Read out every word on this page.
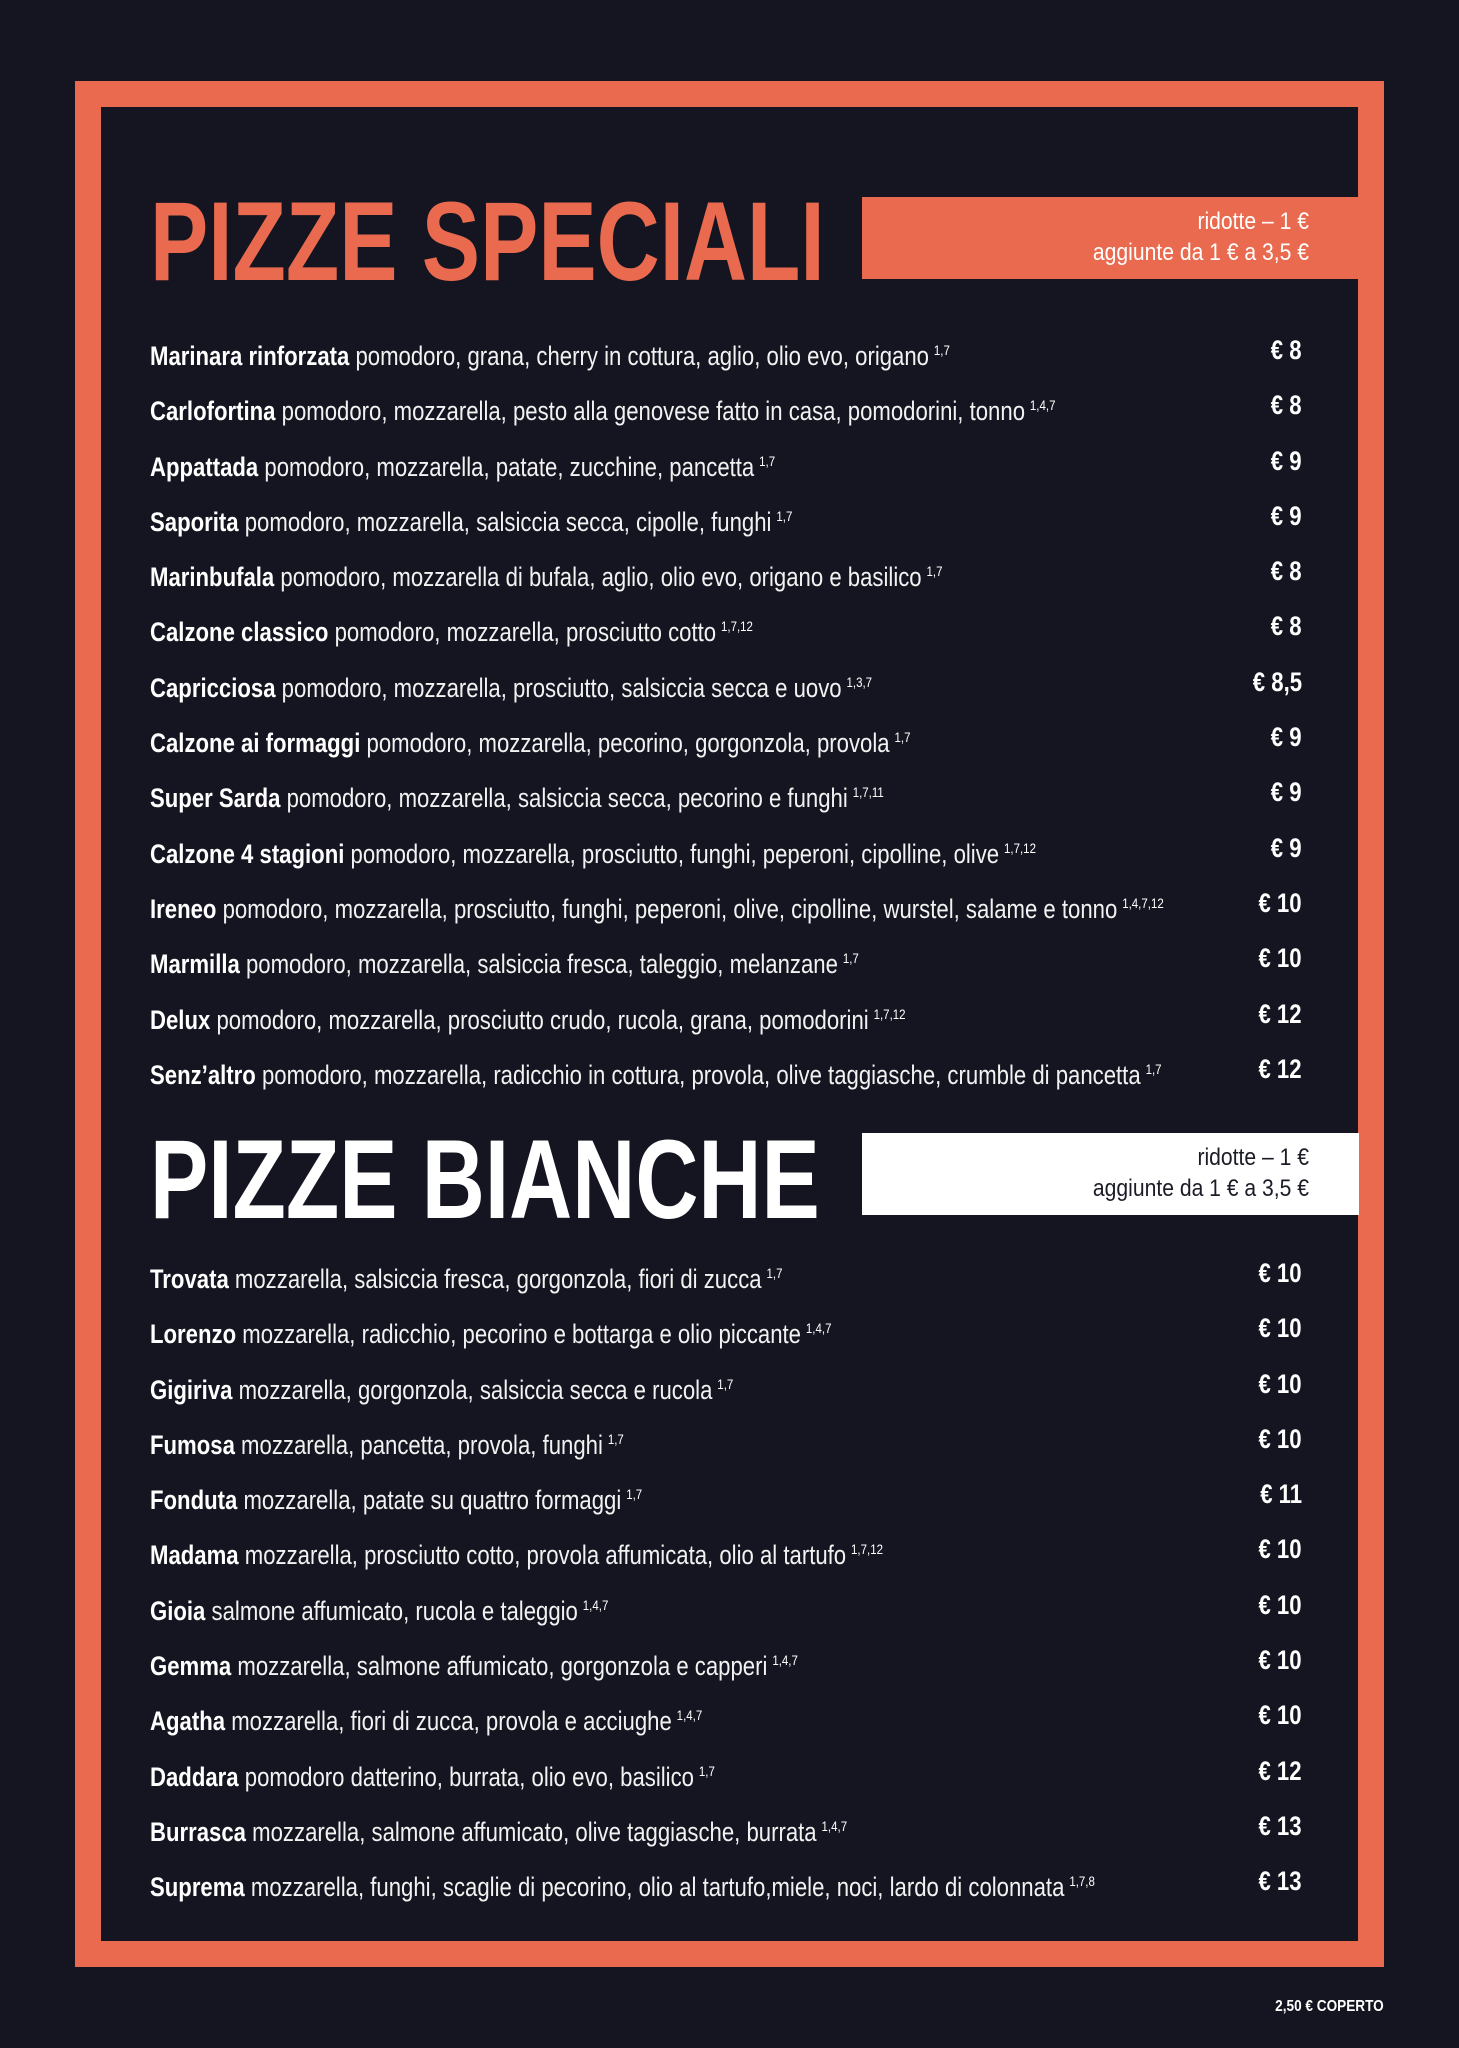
PIZZE SPECIALI	ridotte – 1 €
aggiunte da 1 € a 3,5 €
Marinara rinforzata pomodoro, grana, cherry in cottura, aglio, olio evo, origano $^{1,7}$	€ 8
Carlofortina pomodoro, mozzarella, pesto alla genovese fatto in casa, pomodorini, tonno $^{1,4,7}$	€ 8
Appattada pomodoro, mozzarella, patate, zucchine, pancetta $^{1,7}$	€ 9
Saporita pomodoro, mozzarella, salsiccia secca, cipolle, funghi $^{1,7}$	€ 9
Marinbufala pomodoro, mozzarella di bufala, aglio, olio evo, origano e basilico $^{1,7}$	€ 8
Calzone classico pomodoro, mozzarella, prosciutto cotto $^{1,7,12}$	€ 8
Capricciosa pomodoro, mozzarella, prosciutto, salsiccia secca e uovo $^{1,3,7}$	€ 8,5
Calzone ai formaggi pomodoro, mozzarella, pecorino, gorgonzola, provola $^{1,7}$	€ 9
Super Sarda pomodoro, mozzarella, salsiccia secca, pecorino e funghi $^{1,7,11}$	€ 9
Calzone 4 stagioni pomodoro, mozzarella, prosciutto, funghi, peperoni, cipolline, olive $^{1,7,12}$	€ 9
Ireneo pomodoro, mozzarella, prosciutto, funghi, peperoni, olive, cipolline, wurstel, salame e tonno $^{1,4,7,12}$	€ 10
Marmilla pomodoro, mozzarella, salsiccia fresca, taleggio, melanzane $^{1,7}$	€ 10
Delux pomodoro, mozzarella, prosciutto crudo, rucola, grana, pomodorini $^{1,7,12}$	€ 12
Senz’altro pomodoro, mozzarella, radicchio in cottura, provola, olive taggiasche, crumble di pancetta $^{1,7}$	€ 12
PIZZE BIANCHE	ridotte – 1 €
aggiunte da 1 € a 3,5 €
Trovata mozzarella, salsiccia fresca, gorgonzola, fiori di zucca $^{1,7}$	€ 10
Lorenzo mozzarella, radicchio, pecorino e bottarga e olio piccante $^{1,4,7}$	€ 10
Gigiriva mozzarella, gorgonzola, salsiccia secca e rucola $^{1,7}$	€ 10
Fumosa mozzarella, pancetta, provola, funghi $^{1,7}$	€ 10
Fonduta mozzarella, patate su quattro formaggi $^{1,7}$	€ 11
Madama mozzarella, prosciutto cotto, provola affumicata, olio al tartufo $^{1,7,12}$	€ 10
Gioia salmone affumicato, rucola e taleggio $^{1,4,7}$	€ 10
Gemma mozzarella, salmone affumicato, gorgonzola e capperi $^{1,4,7}$	€ 10
Agatha mozzarella, fiori di zucca, provola e acciughe $^{1,4,7}$	€ 10
Daddara pomodoro datterino, burrata, olio evo, basilico $^{1,7}$	€ 12
Burrasca mozzarella, salmone affumicato, olive taggiasche, burrata $^{1,4,7}$	€ 13
Suprema mozzarella, funghi, scaglie di pecorino, olio al tartufo,miele, noci, lardo di colonnata $^{1,7,8}$	€ 13
2,50 € COPERTO
